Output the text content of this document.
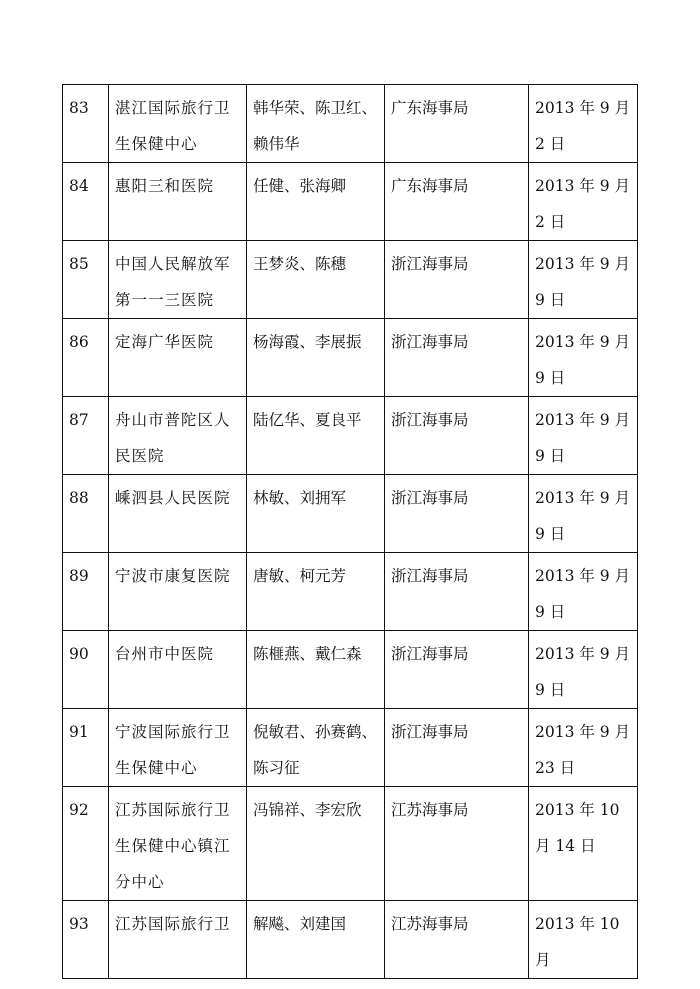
83	湛江国际旅行卫生保健中心	韩华荣、陈卫红、赖伟华	广东海事局	2013 年 9 月 2 日
84	惠阳三和医院	任健、张海卿	广东海事局	2013 年 9 月 2 日
85	中国人民解放军第一一三医院	王梦炎、陈穗	浙江海事局	2013 年 9 月 9 日
86	定海广华医院	杨海霞、李展振	浙江海事局	2013 年 9 月 9 日
87	舟山市普陀区人民医院	陆亿华、夏良平	浙江海事局	2013 年 9 月 9 日
88	嵊泗县人民医院	林敏、刘拥军	浙江海事局	2013 年 9 月 9 日
89	宁波市康复医院	唐敏、柯元芳	浙江海事局	2013 年 9 月 9 日
90	台州市中医院	陈榧燕、戴仁森	浙江海事局	2013 年 9 月 9 日
91	宁波国际旅行卫生保健中心	倪敏君、孙赛鹤、陈习征	浙江海事局	2013 年 9 月 23 日
92	江苏国际旅行卫生保健中心镇江分中心	冯锦祥、李宏欣	江苏海事局	2013 年 10 月 14 日
93	江苏国际旅行卫	解飚、刘建国	江苏海事局	2013 年 10 月
